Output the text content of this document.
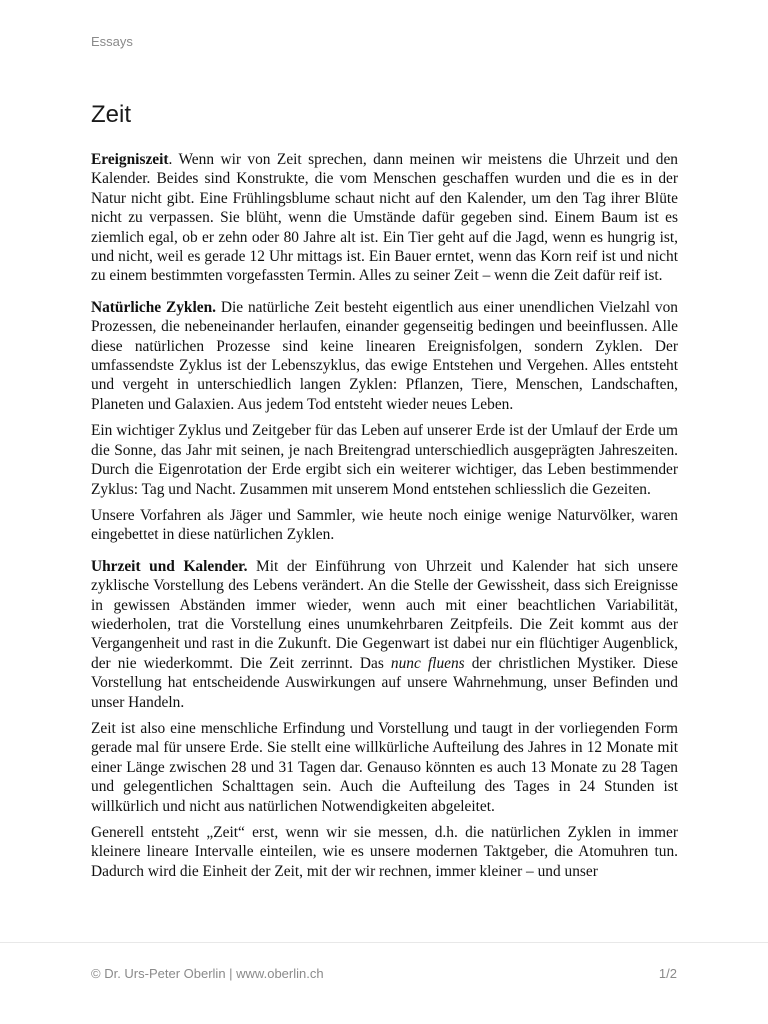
Essays
Zeit

Ereigniszeit. Wenn wir von Zeit sprechen, dann meinen wir meistens die Uhrzeit und den Kalender. Beides sind Konstrukte, die vom Menschen geschaffen wurden und die es in der Natur nicht gibt. Eine Frühlingsblume schaut nicht auf den Kalender, um den Tag ihrer Blüte nicht zu verpassen. Sie blüht, wenn die Umstände dafür gegeben sind. Einem Baum ist es ziemlich egal, ob er zehn oder 80 Jahre alt ist. Ein Tier geht auf die Jagd, wenn es hungrig ist, und nicht, weil es gerade 12 Uhr mittags ist. Ein Bauer erntet, wenn das Korn reif ist und nicht zu einem bestimmten vorgefassten Termin. Alles zu seiner Zeit – wenn die Zeit dafür reif ist.

Natürliche Zyklen. Die natürliche Zeit besteht eigentlich aus einer unendlichen Vielzahl von Prozessen, die nebeneinander herlaufen, einander gegenseitig bedingen und beeinflussen. Alle diese natürlichen Prozesse sind keine linearen Ereignisfolgen, sondern Zyklen. Der umfassendste Zyklus ist der Lebenszyklus, das ewige Entstehen und Vergehen. Alles entsteht und vergeht in unterschiedlich langen Zyklen: Pflanzen, Tiere, Menschen, Landschaften, Planeten und Galaxien. Aus jedem Tod entsteht wieder neues Leben.

Ein wichtiger Zyklus und Zeitgeber für das Leben auf unserer Erde ist der Umlauf der Erde um die Sonne, das Jahr mit seinen, je nach Breitengrad unterschiedlich ausgeprägten Jahreszeiten. Durch die Eigenrotation der Erde ergibt sich ein weiterer wichtiger, das Leben bestimmender Zyklus: Tag und Nacht. Zusammen mit unserem Mond entstehen schliesslich die Gezeiten.

Unsere Vorfahren als Jäger und Sammler, wie heute noch einige wenige Naturvölker, waren eingebettet in diese natürlichen Zyklen.

Uhrzeit und Kalender. Mit der Einführung von Uhrzeit und Kalender hat sich unsere zyklische Vorstellung des Lebens verändert. An die Stelle der Gewissheit, dass sich Ereignisse in gewissen Abständen immer wieder, wenn auch mit einer beachtlichen Variabilität, wiederholen, trat die Vorstellung eines unumkehrbaren Zeitpfeils. Die Zeit kommt aus der Vergangenheit und rast in die Zukunft. Die Gegenwart ist dabei nur ein flüchtiger Augenblick, der nie wiederkommt. Die Zeit zerrinnt. Das nunc fluens der christlichen Mystiker. Diese Vorstellung hat entscheidende Auswirkungen auf unsere Wahrnehmung, unser Befinden und unser Handeln.

Zeit ist also eine menschliche Erfindung und Vorstellung und taugt in der vorliegenden Form gerade mal für unsere Erde. Sie stellt eine willkürliche Aufteilung des Jahres in 12 Monate mit einer Länge zwischen 28 und 31 Tagen dar. Genauso könnten es auch 13 Monate zu 28 Tagen und gelegentlichen Schalttagen sein. Auch die Aufteilung des Tages in 24 Stunden ist willkürlich und nicht aus natürlichen Notwendigkeiten abgeleitet.

Generell entsteht „Zeit“ erst, wenn wir sie messen, d.h. die natürlichen Zyklen in immer kleinere lineare Intervalle einteilen, wie es unsere modernen Taktgeber, die Atomuhren tun. Dadurch wird die Einheit der Zeit, mit der wir rechnen, immer kleiner – und unser

© Dr. Urs-Peter Oberlin | www.oberlin.ch	1/2
